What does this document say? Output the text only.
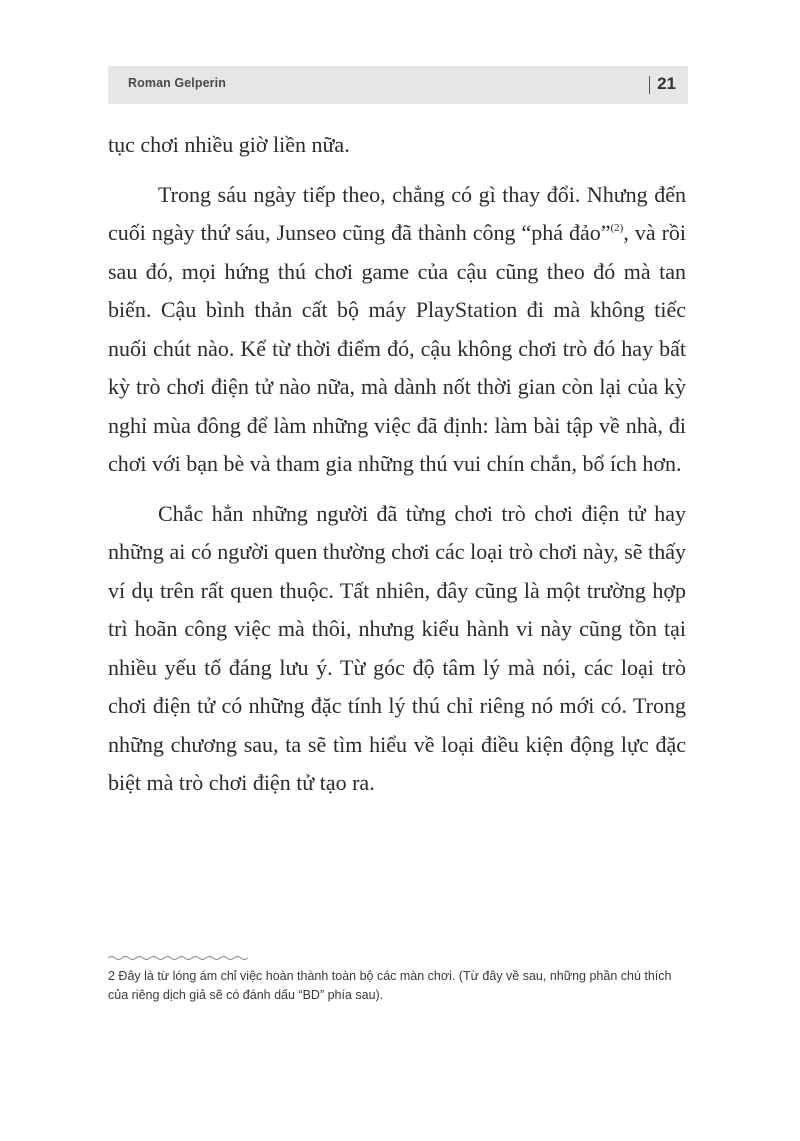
Roman Gelperin	21

tục chơi nhiều giờ liền nữa.

Trong sáu ngày tiếp theo, chẳng có gì thay đổi. Nhưng đến cuối ngày thứ sáu, Junseo cũng đã thành công “phá đảo”$^{(2)}$, và rồi sau đó, mọi hứng thú chơi game của cậu cũng theo đó mà tan biến. Cậu bình thản cất bộ máy PlayStation đi mà không tiếc nuối chút nào. Kể từ thời điểm đó, cậu không chơi trò đó hay bất kỳ trò chơi điện tử nào nữa, mà dành nốt thời gian còn lại của kỳ nghỉ mùa đông để làm những việc đã định: làm bài tập về nhà, đi chơi với bạn bè và tham gia những thú vui chín chắn, bổ ích hơn.

Chắc hẳn những người đã từng chơi trò chơi điện tử hay những ai có người quen thường chơi các loại trò chơi này, sẽ thấy ví dụ trên rất quen thuộc. Tất nhiên, đây cũng là một trường hợp trì hoãn công việc mà thôi, nhưng kiểu hành vi này cũng tồn tại nhiều yếu tố đáng lưu ý. Từ góc độ tâm lý mà nói, các loại trò chơi điện tử có những đặc tính lý thú chỉ riêng nó mới có. Trong những chương sau, ta sẽ tìm hiểu về loại điều kiện động lực đặc biệt mà trò chơi điện tử tạo ra.

2 Đây là từ lóng ám chỉ việc hoàn thành toàn bộ các màn chơi. (Từ đây về sau, những phần chú thích của riêng dịch giả sẽ có đánh dấu “BD” phía sau).
